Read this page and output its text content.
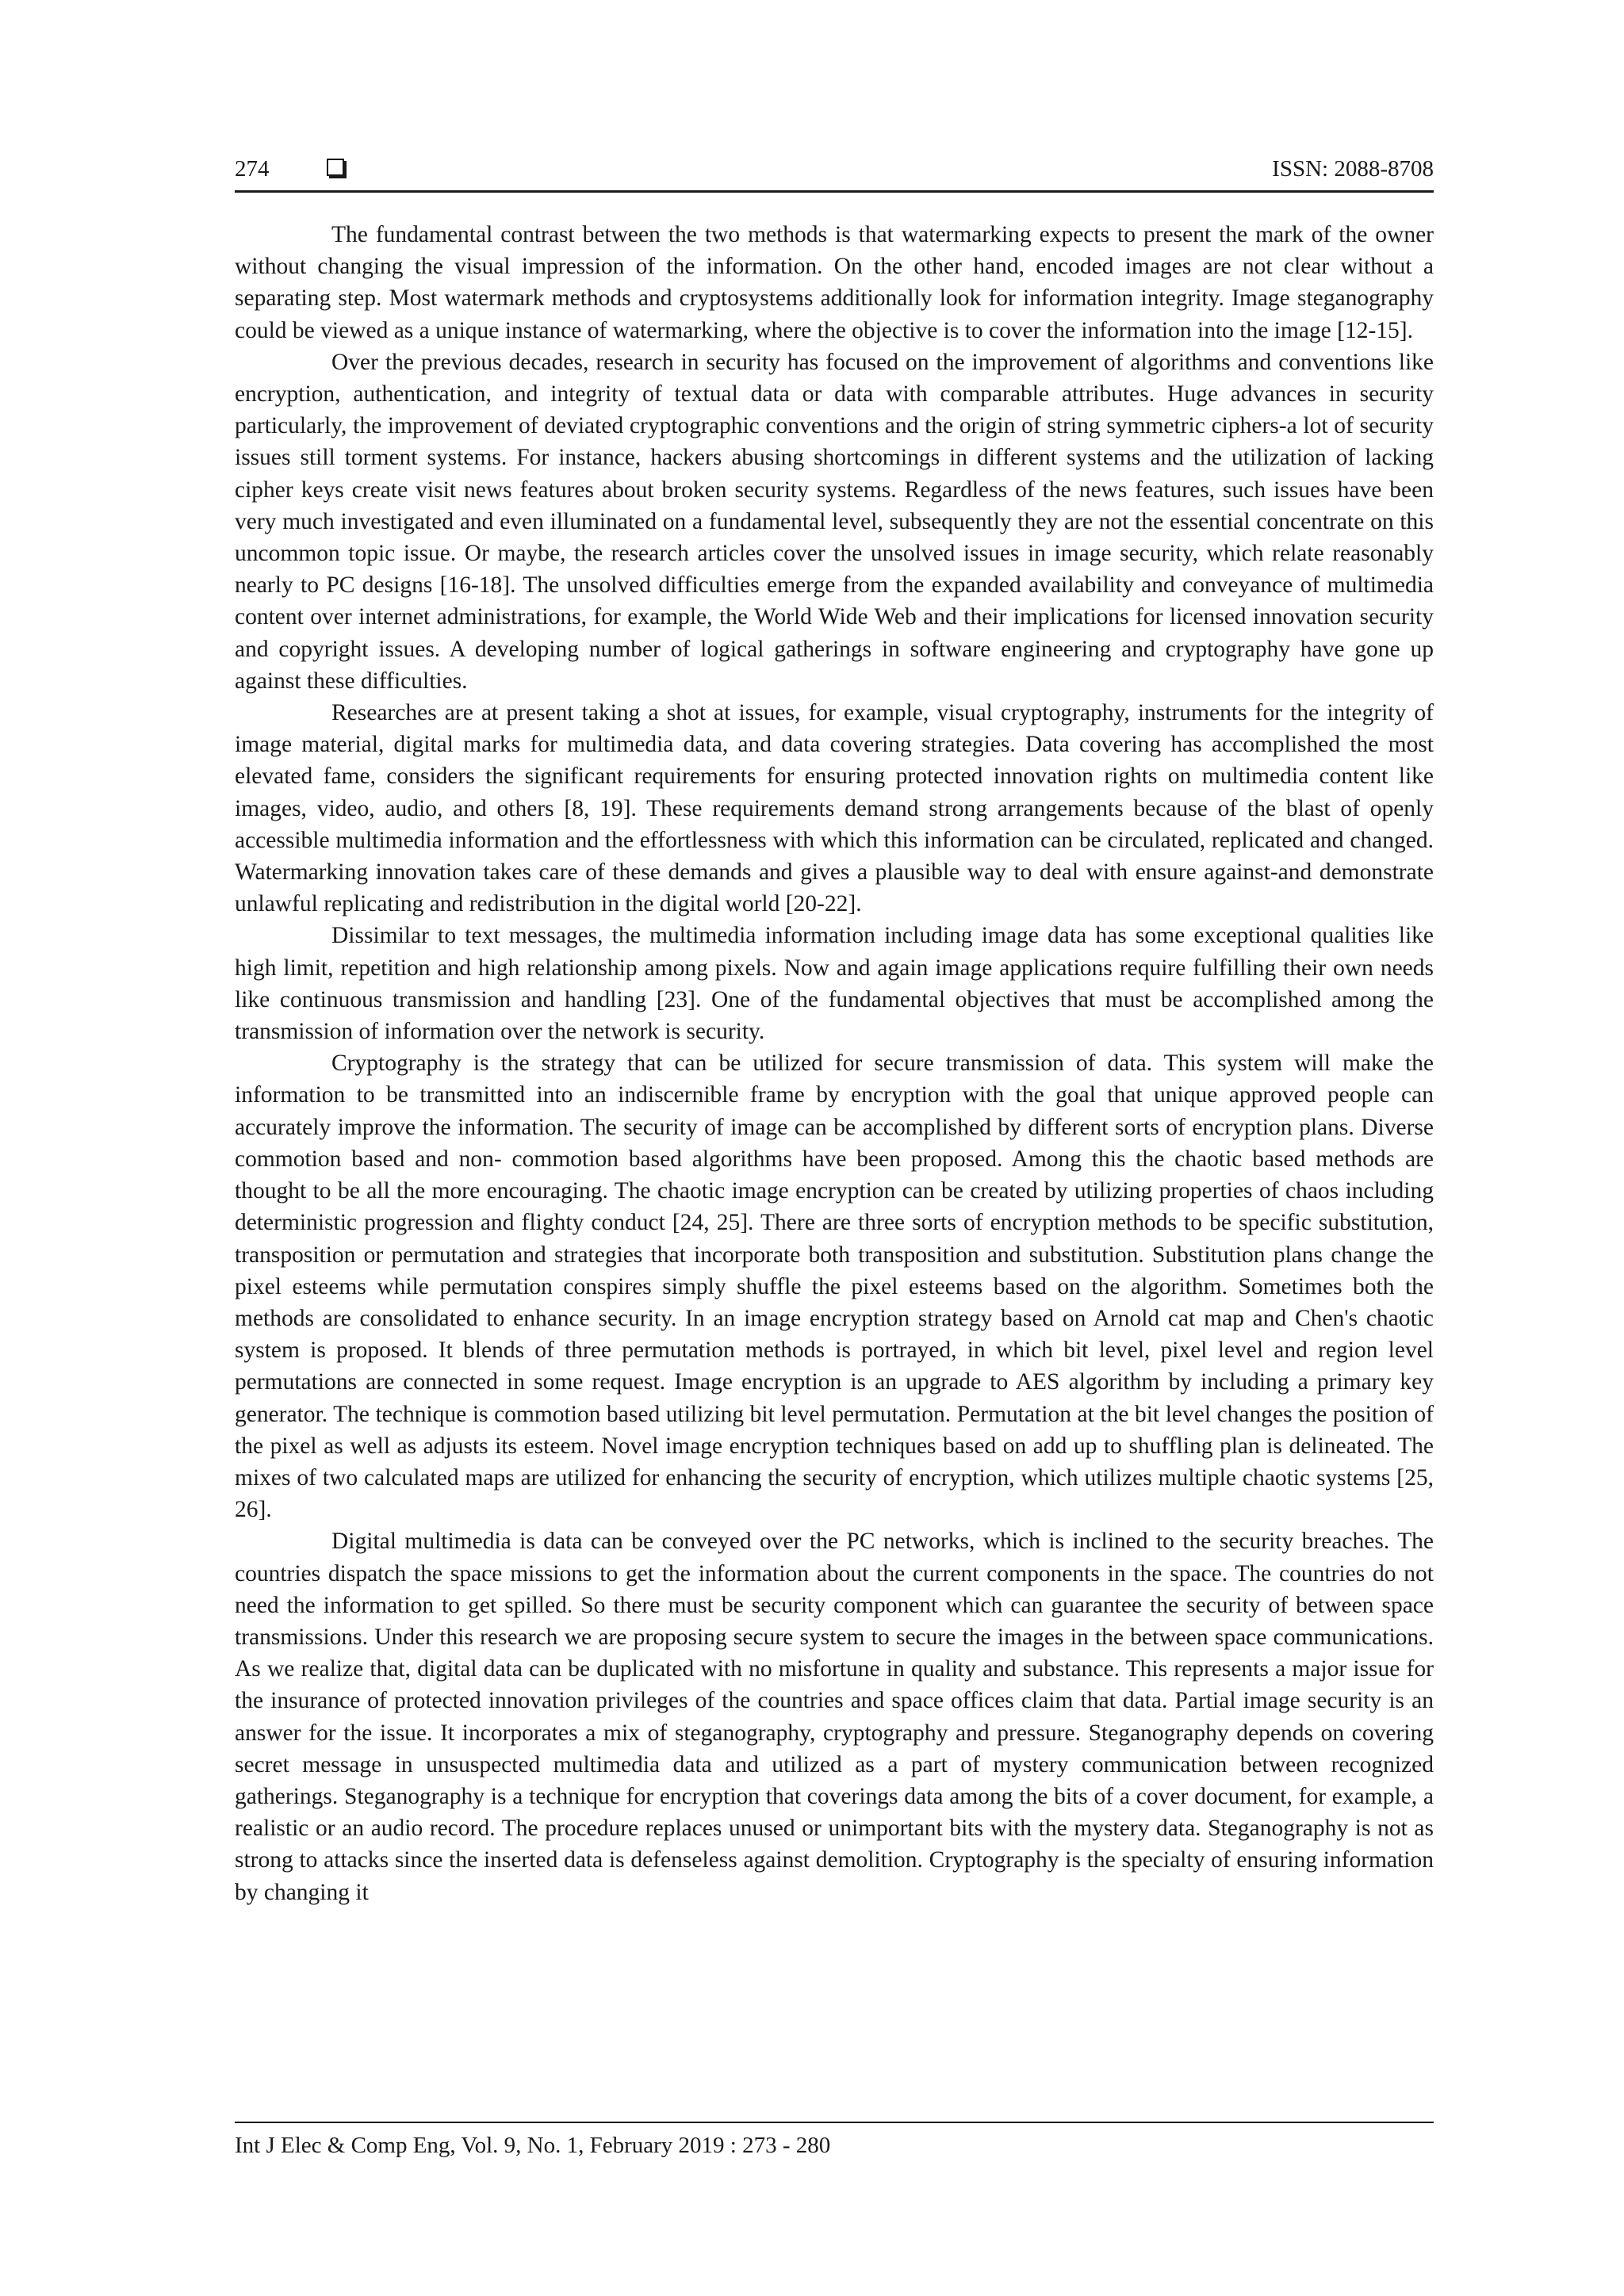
274	ISSN: 2088-8708

The fundamental contrast between the two methods is that watermarking expects to present the mark of the owner without changing the visual impression of the information. On the other hand, encoded images are not clear without a separating step. Most watermark methods and cryptosystems additionally look for information integrity. Image steganography could be viewed as a unique instance of watermarking, where the objective is to cover the information into the image [12-15].

Over the previous decades, research in security has focused on the improvement of algorithms and conventions like encryption, authentication, and integrity of textual data or data with comparable attributes. Huge advances in security particularly, the improvement of deviated cryptographic conventions and the origin of string symmetric ciphers-a lot of security issues still torment systems. For instance, hackers abusing shortcomings in different systems and the utilization of lacking cipher keys create visit news features about broken security systems. Regardless of the news features, such issues have been very much investigated and even illuminated on a fundamental level, subsequently they are not the essential concentrate on this uncommon topic issue. Or maybe, the research articles cover the unsolved issues in image security, which relate reasonably nearly to PC designs [16-18]. The unsolved difficulties emerge from the expanded availability and conveyance of multimedia content over internet administrations, for example, the World Wide Web and their implications for licensed innovation security and copyright issues. A developing number of logical gatherings in software engineering and cryptography have gone up against these difficulties.

Researches are at present taking a shot at issues, for example, visual cryptography, instruments for the integrity of image material, digital marks for multimedia data, and data covering strategies. Data covering has accomplished the most elevated fame, considers the significant requirements for ensuring protected innovation rights on multimedia content like images, video, audio, and others [8, 19]. These requirements demand strong arrangements because of the blast of openly accessible multimedia information and the effortlessness with which this information can be circulated, replicated and changed. Watermarking innovation takes care of these demands and gives a plausible way to deal with ensure against-and demonstrate unlawful replicating and redistribution in the digital world [20-22].

Dissimilar to text messages, the multimedia information including image data has some exceptional qualities like high limit, repetition and high relationship among pixels. Now and again image applications require fulfilling their own needs like continuous transmission and handling [23]. One of the fundamental objectives that must be accomplished among the transmission of information over the network is security.

Cryptography is the strategy that can be utilized for secure transmission of data. This system will make the information to be transmitted into an indiscernible frame by encryption with the goal that unique approved people can accurately improve the information. The security of image can be accomplished by different sorts of encryption plans. Diverse commotion based and non- commotion based algorithms have been proposed. Among this the chaotic based methods are thought to be all the more encouraging. The chaotic image encryption can be created by utilizing properties of chaos including deterministic progression and flighty conduct [24, 25]. There are three sorts of encryption methods to be specific substitution, transposition or permutation and strategies that incorporate both transposition and substitution. Substitution plans change the pixel esteems while permutation conspires simply shuffle the pixel esteems based on the algorithm. Sometimes both the methods are consolidated to enhance security. In an image encryption strategy based on Arnold cat map and Chen's chaotic system is proposed. It blends of three permutation methods is portrayed, in which bit level, pixel level and region level permutations are connected in some request. Image encryption is an upgrade to AES algorithm by including a primary key generator. The technique is commotion based utilizing bit level permutation. Permutation at the bit level changes the position of the pixel as well as adjusts its esteem. Novel image encryption techniques based on add up to shuffling plan is delineated. The mixes of two calculated maps are utilized for enhancing the security of encryption, which utilizes multiple chaotic systems [25, 26].

Digital multimedia is data can be conveyed over the PC networks, which is inclined to the security breaches. The countries dispatch the space missions to get the information about the current components in the space. The countries do not need the information to get spilled. So there must be security component which can guarantee the security of between space transmissions. Under this research we are proposing secure system to secure the images in the between space communications. As we realize that, digital data can be duplicated with no misfortune in quality and substance. This represents a major issue for the insurance of protected innovation privileges of the countries and space offices claim that data. Partial image security is an answer for the issue. It incorporates a mix of steganography, cryptography and pressure. Steganography depends on covering secret message in unsuspected multimedia data and utilized as a part of mystery communication between recognized gatherings. Steganography is a technique for encryption that coverings data among the bits of a cover document, for example, a realistic or an audio record. The procedure replaces unused or unimportant bits with the mystery data. Steganography is not as strong to attacks since the inserted data is defenseless against demolition. Cryptography is the specialty of ensuring information by changing it

Int J Elec & Comp Eng, Vol. 9, No. 1, February 2019 : 273 - 280
